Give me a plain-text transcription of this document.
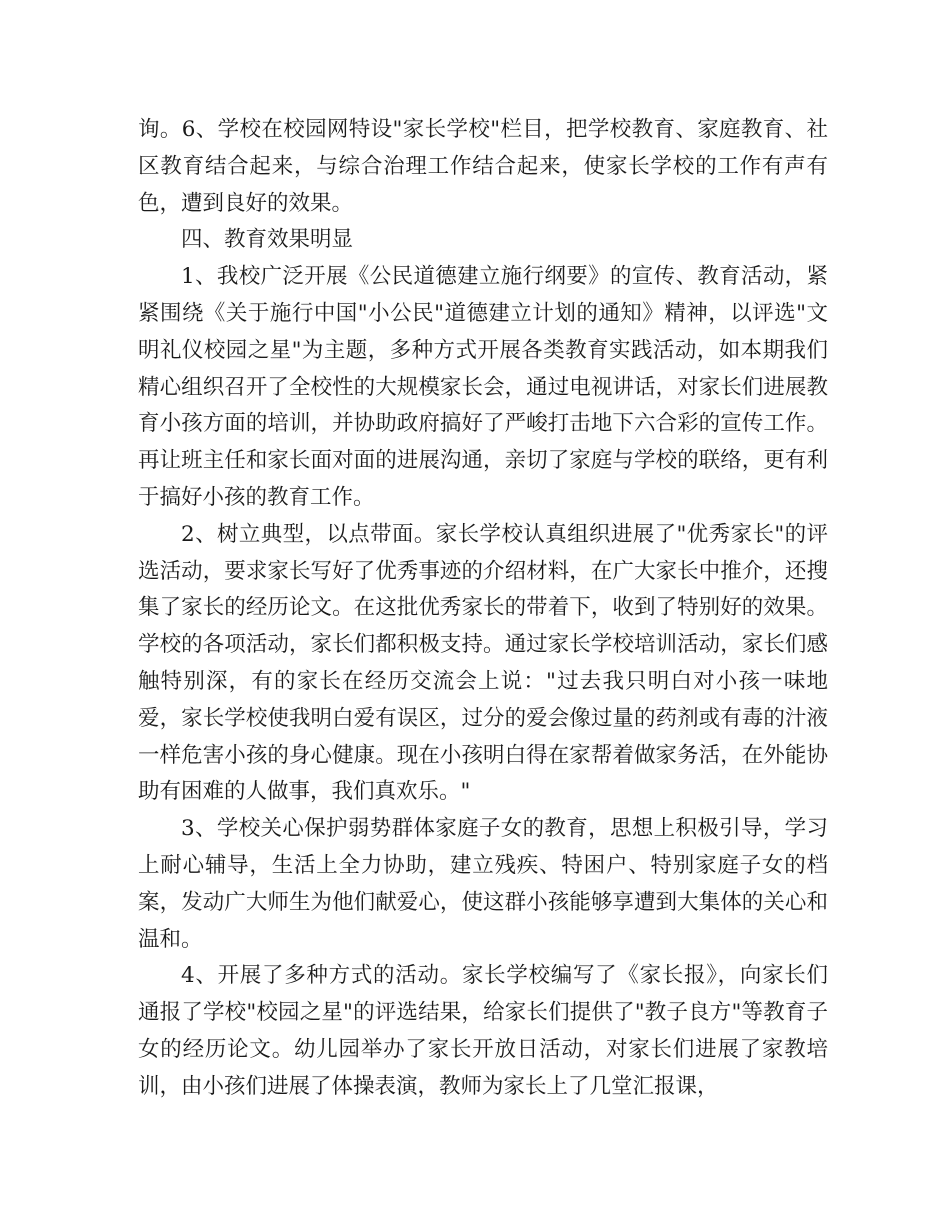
询。6、学校在校园网特设"家长学校"栏目，把学校教育、家庭教育、社区教育结合起来，与综合治理工作结合起来，使家长学校的工作有声有色，遭到良好的效果。

四、教育效果明显

1、我校广泛开展《公民道德建立施行纲要》的宣传、教育活动，紧紧围绕《关于施行中国"小公民"道德建立计划的通知》精神，以评选"文明礼仪校园之星"为主题，多种方式开展各类教育实践活动，如本期我们精心组织召开了全校性的大规模家长会，通过电视讲话，对家长们进展教育小孩方面的培训，并协助政府搞好了严峻打击地下六合彩的宣传工作。再让班主任和家长面对面的进展沟通，亲切了家庭与学校的联络，更有利于搞好小孩的教育工作。

2、树立典型，以点带面。家长学校认真组织进展了"优秀家长"的评选活动，要求家长写好了优秀事迹的介绍材料，在广大家长中推介，还搜集了家长的经历论文。在这批优秀家长的带着下，收到了特别好的效果。学校的各项活动，家长们都积极支持。通过家长学校培训活动，家长们感触特别深，有的家长在经历交流会上说："过去我只明白对小孩一味地爱，家长学校使我明白爱有误区，过分的爱会像过量的药剂或有毒的汁液一样危害小孩的身心健康。现在小孩明白得在家帮着做家务活，在外能协助有困难的人做事，我们真欢乐。"

3、学校关心保护弱势群体家庭子女的教育，思想上积极引导，学习上耐心辅导，生活上全力协助，建立残疾、特困户、特别家庭子女的档案，发动广大师生为他们献爱心，使这群小孩能够享遭到大集体的关心和温和。

4、开展了多种方式的活动。家长学校编写了《家长报》，向家长们通报了学校"校园之星"的评选结果，给家长们提供了"教子良方"等教育子女的经历论文。幼儿园举办了家长开放日活动，对家长们进展了家教培训，由小孩们进展了体操表演，教师为家长上了几堂汇报课，
